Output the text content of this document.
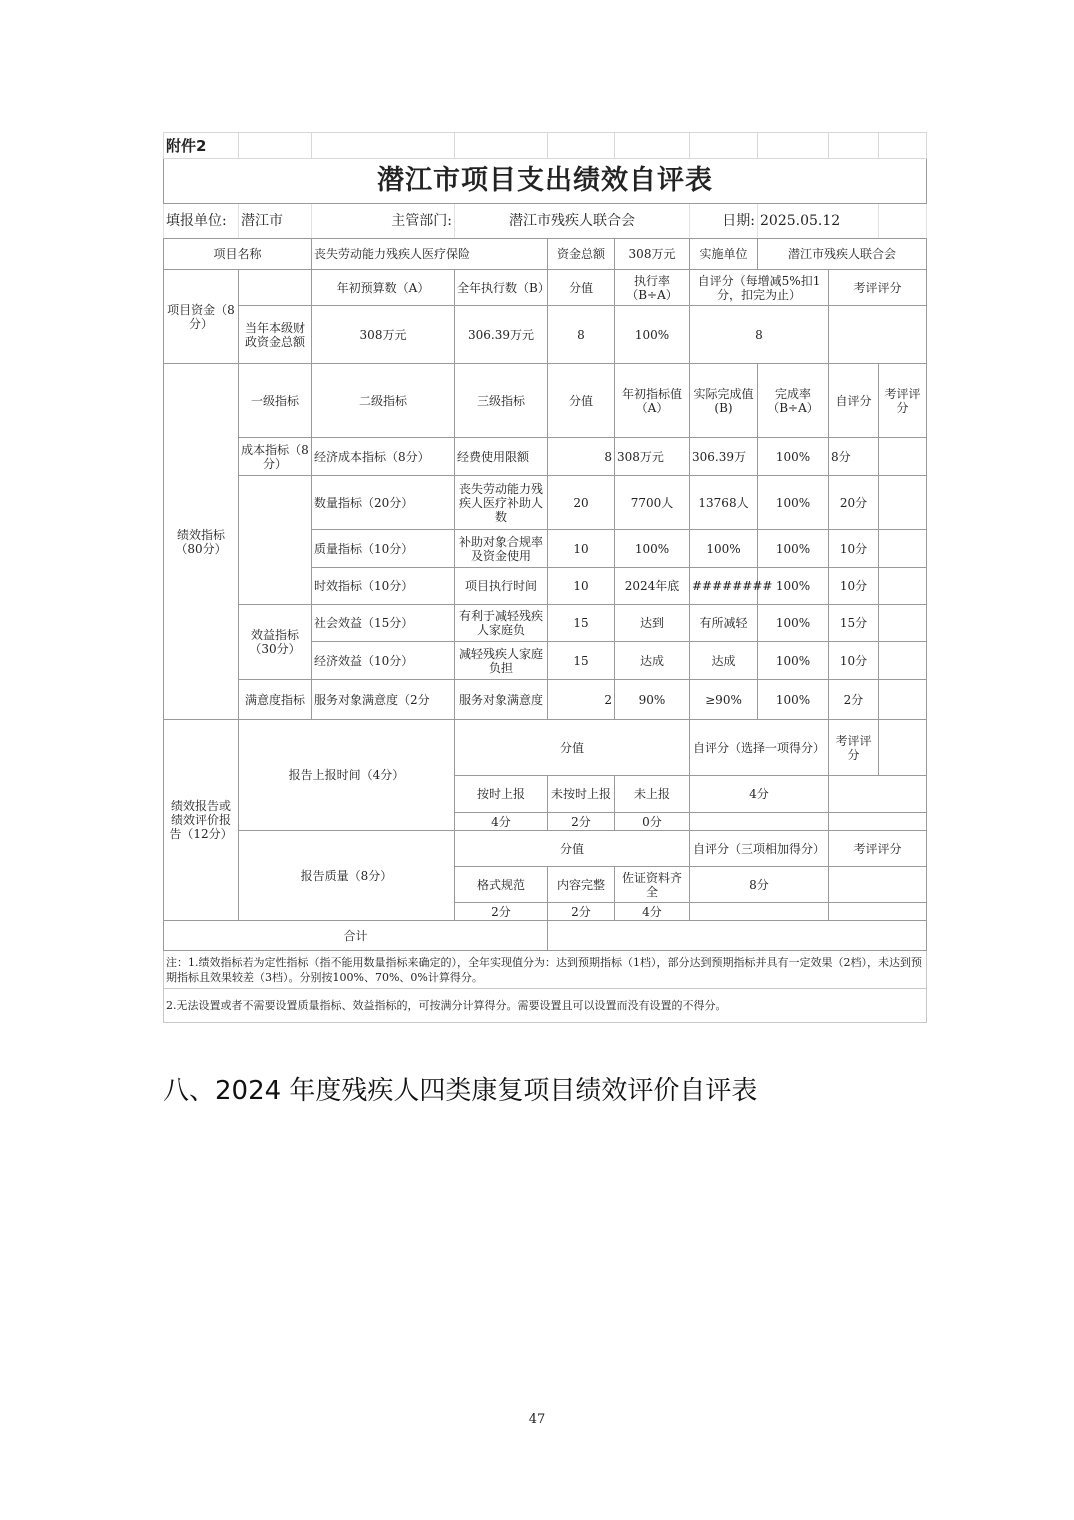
附件2									
潜江市项目支出绩效自评表									
填报单位:	潜江市	主管部门:	潜江市残疾人联合会			日期:	2025.05.12		
项目名称		丧失劳动能力残疾人医疗保险		资金总额	308万元	实施单位	潜江市残疾人联合会		
项目资金（8分）		年初预算数（A）	全年执行数（B）	分值	执行率（B÷A）	自评分（每增减5%扣1分，扣完为止）		考评评分	
	当年本级财政资金总额	308万元	306.39万元	8	100%	8			
绩效指标（80分）	一级指标	二级指标	三级指标	分值	年初指标值（A）	实际完成值(B)	完成率（B÷A）	自评分	考评评分
	成本指标（8分）	经济成本指标（8分）	经费使用限额	8	308万元	306.39万	100%	8分	
		数量指标（20分）	丧失劳动能力残疾人医疗补助人数	20	7700人	13768人	100%	20分	
		质量指标（10分）	补助对象合规率及资金使用	10	100%	100%	100%	10分	
		时效指标（10分）	项目执行时间	10	2024年底	########	100%	10分	
	效益指标（30分）	社会效益（15分）	有利于减轻残疾人家庭负	15	达到	有所减轻	100%	15分	
		经济效益（10分）	减轻残疾人家庭负担	15	达成	达成	100%	10分	
	满意度指标	服务对象满意度（2分	服务对象满意度	2	90%	≥90%	100%	2分	
绩效报告或绩效评价报告（12分）	报告上报时间（4分）		分值			自评分（选择一项得分）		考评评分	
			按时上报	未按时上报	未上报	4分			
			4分	2分	0分				
	报告质量（8分）		分值			自评分（三项相加得分）		考评评分	
			格式规范	内容完整	佐证资料齐全	8分			
			2分	2分	4分				
合计									
注：1.绩效指标若为定性指标（指不能用数量指标来确定的），全年实现值分为：达到预期指标（1档），部分达到预期指标并具有一定效果（2档），未达到预期指标且效果较差（3档）。分别按100%、70%、0%计算得分。									
2.无法设置或者不需要设置质量指标、效益指标的，可按满分计算得分。需要设置且可以设置而没有设置的不得分。									
八、2024 年度残疾人四类康复项目绩效评价自评表
47
